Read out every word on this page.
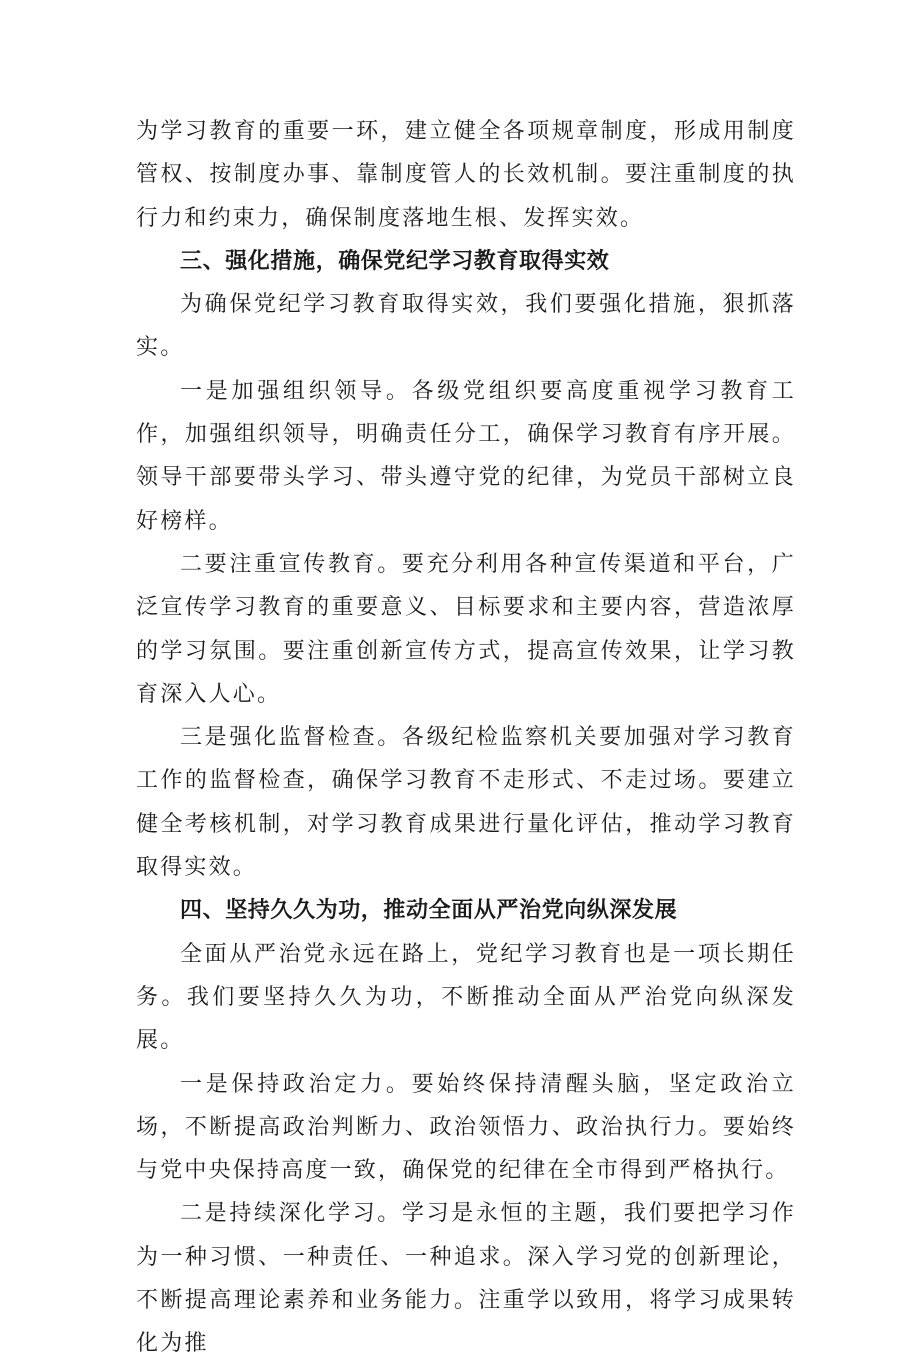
为学习教育的重要一环，建立健全各项规章制度，形成用制度管权、按制度办事、靠制度管人的长效机制。要注重制度的执行力和约束力，确保制度落地生根、发挥实效。

三、强化措施，确保党纪学习教育取得实效

为确保党纪学习教育取得实效，我们要强化措施，狠抓落实。

一是加强组织领导。各级党组织要高度重视学习教育工作，加强组织领导，明确责任分工，确保学习教育有序开展。领导干部要带头学习、带头遵守党的纪律，为党员干部树立良好榜样。

二要注重宣传教育。要充分利用各种宣传渠道和平台，广泛宣传学习教育的重要意义、目标要求和主要内容，营造浓厚的学习氛围。要注重创新宣传方式，提高宣传效果，让学习教育深入人心。

三是强化监督检查。各级纪检监察机关要加强对学习教育工作的监督检查，确保学习教育不走形式、不走过场。要建立健全考核机制，对学习教育成果进行量化评估，推动学习教育取得实效。

四、坚持久久为功，推动全面从严治党向纵深发展

全面从严治党永远在路上，党纪学习教育也是一项长期任务。我们要坚持久久为功，不断推动全面从严治党向纵深发展。

一是保持政治定力。要始终保持清醒头脑，坚定政治立场，不断提高政治判断力、政治领悟力、政治执行力。要始终与党中央保持高度一致，确保党的纪律在全市得到严格执行。

二是持续深化学习。学习是永恒的主题，我们要把学习作为一种习惯、一种责任、一种追求。深入学习党的创新理论，不断提高理论素养和业务能力。注重学以致用，将学习成果转化为推
